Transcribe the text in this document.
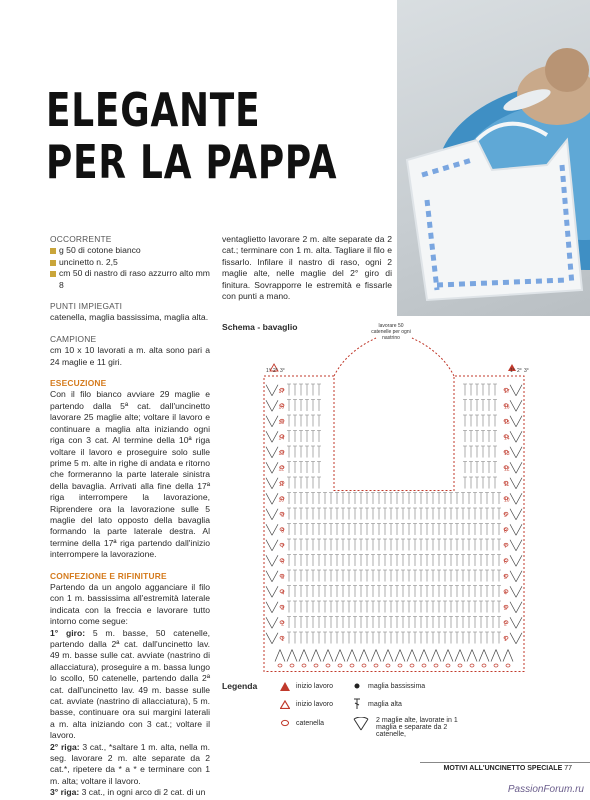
ELEGANTE
PER LA PAPPA
OCCORRENTE
g 50 di cotone bianco
uncinetto n. 2,5
cm 50 di nastro di raso azzurro alto mm 8
PUNTI IMPIEGATI

catenella, maglia bassissima, maglia alta.

CAMPIONE

cm 10 x 10 lavorati a m. alta sono pari a 24 maglie e 11 giri.

ESECUZIONE

Con il filo bianco avviare 29 maglie e partendo dalla 5ª cat. dall'uncinetto lavorare 25 maglie alte; voltare il lavoro e continuare a maglia alta iniziando ogni riga con 3 cat. Al termine della 10ª riga voltare il lavoro e proseguire solo sulle prime 5 m. alte in righe di andata e ritorno che formeranno la parte laterale sinistra della bavaglia. Arrivati alla fine della 17ª riga interrompere la lavorazione, Riprendere ora la lavorazione sulle 5 maglie del lato opposto della bavaglia formando la parte laterale destra. Al termine della 17ª riga partendo dall'inizio interrompere la lavorazione.

CONFEZIONE E RIFINITURE

Partendo da un angolo agganciare il filo con 1 m. bassissima all'estremità laterale indicata con la freccia e lavorare tutto intorno come segue:

1° giro: 5 m. basse, 50 catenelle, partendo dalla 2ª cat. dall'uncinetto lav. 49 m. basse sulle cat. avviate (nastrino di allacciatura), proseguire a m. bassa lungo lo scollo, 50 catenelle, partendo dalla 2ª cat. dall'uncinetto lav. 49 m. basse sulle cat. avviate (nastrino di allacciatura), 5 m. basse, continuare ora sui margini laterali a m. alta iniziando con 3 cat.; voltare il lavoro.

2° riga: 3 cat., *saltare 1 m. alta, nella m. seg. lavorare 2 m. alte separate da 2 cat.*, ripetere da * a * e terminare con 1 m. alta; voltare il lavoro.

3° riga: 3 cat., in ogni arco di 2 cat. di un

ventaglietto lavorare 2 m. alte separate da 2 cat.; terminare con 1 m. alta. Tagliare il filo e fissarlo. Infilare il nastro di raso, ogni 2 maglie alte, nelle maglie del 2° giro di finitura. Sovrapporre le estremità e fissarle con punti a mano.

Schema - bavaglio	lavorare 50 catenelle per ogni nastrino
1	1
2	2
3	3
4	4
5	5
6	6
7	7
8	8
9	9
10	10
11	11
12	12
13	13
14	14
15	15
16	16
17	17
1°	1°
2°	2°
3°	3°
Legenda	inizio lavoro
inizio lavoro
catenella
maglia bassissima
maglia alta
2 maglie alte, lavorate in 1 maglia e separate da 2 catenelle,
MOTIVI ALL'UNCINETTO SPECIALE 77
PassionForum.ru
